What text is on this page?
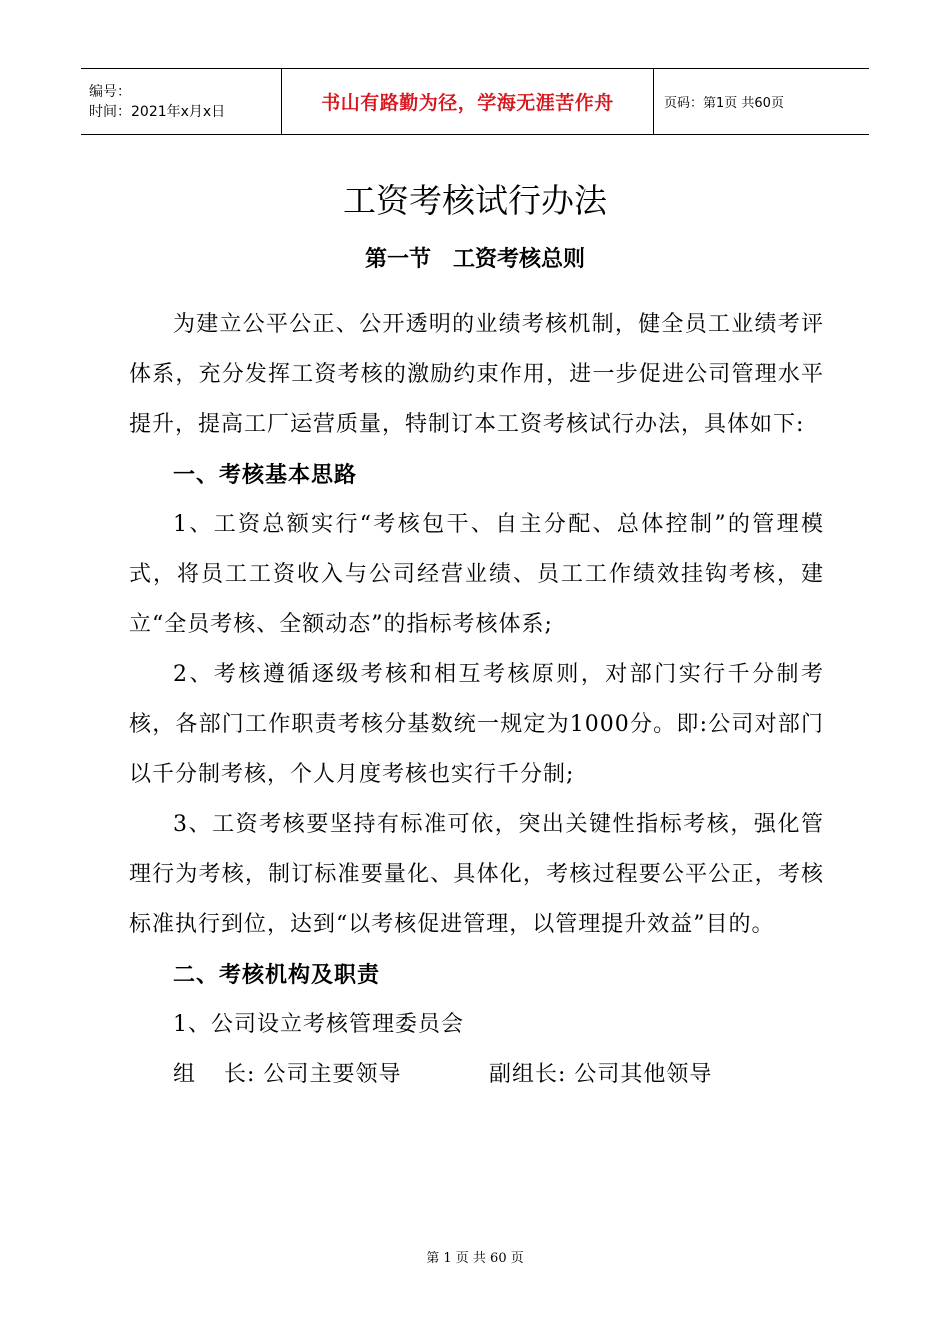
编号：
时间：2021年x月x日	书山有路勤为径，学海无涯苦作舟	页码：第1页 共60页
工资考核试行办法
第一节　工资考核总则

为建立公平公正、公开透明的业绩考核机制，健全员工业绩考评体系，充分发挥工资考核的激励约束作用，进一步促进公司管理水平提升，提高工厂运营质量，特制订本工资考核试行办法，具体如下:

一、考核基本思路

1、工资总额实行“考核包干、自主分配、总体控制”的管理模式，将员工工资收入与公司经营业绩、员工工作绩效挂钩考核，建立“全员考核、全额动态”的指标考核体系;

2、考核遵循逐级考核和相互考核原则，对部门实行千分制考核，各部门工作职责考核分基数统一规定为1000分。即:公司对部门以千分制考核，个人月度考核也实行千分制;

3、工资考核要坚持有标准可依，突出关键性指标考核，强化管理行为考核，制订标准要量化、具体化，考核过程要公平公正，考核标准执行到位，达到“以考核促进管理，以管理提升效益”目的。

二、考核机构及职责

1、公司设立考核管理委员会

组 长: 公司主要领导	副组长: 公司其他领导
第 1 页 共 60 页
